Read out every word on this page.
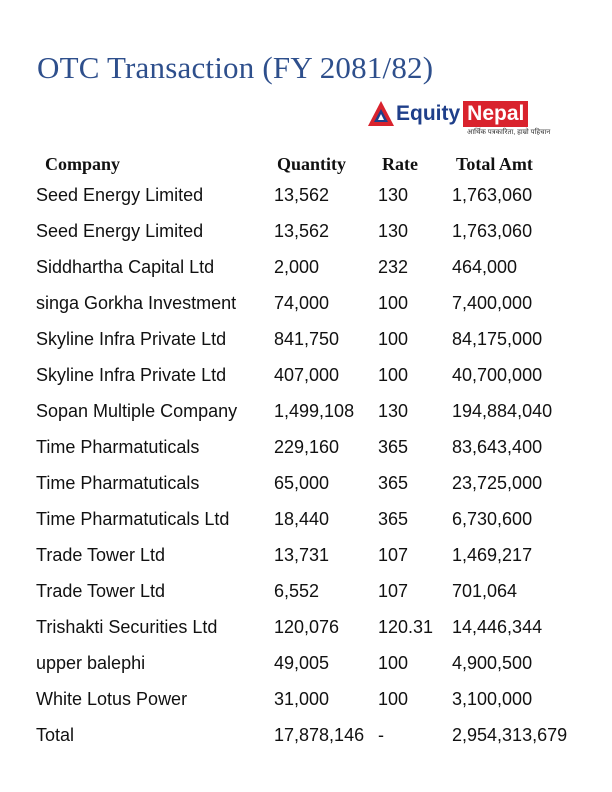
OTC Transaction (FY 2081/82)
Equity Nepal
आर्थिक पत्रकारिता, हाम्रो पहिचान
Company	Quantity Rate Total Amt
Seed Energy Limited	13,562	130 1,763,060
Seed Energy Limited	13,562	130 1,763,060
Siddhartha Capital Ltd	2,000	232 464,000
singa Gorkha Investment 74,000	100 7,400,000
Skyline Infra Private Ltd	841,750 100 84,175,000
Skyline Infra Private Ltd	407,000 100 40,700,000
Sopan Multiple Company 1,499,108 130 194,884,040
Time Pharmatuticals	229,160 365 83,643,400
Time Pharmatuticals	65,000	365 23,725,000
Time Pharmatuticals Ltd 18,440	365 6,730,600
Trade Tower Ltd	13,731	107 1,469,217
Trade Tower Ltd	6,552	107 701,064
Trishakti Securities Ltd	120,076 120.31 14,446,344
upper balephi	49,005	100 4,900,500
White Lotus Power	31,000	100 3,100,000
Total	17,878,146 -	2,954,313,679
